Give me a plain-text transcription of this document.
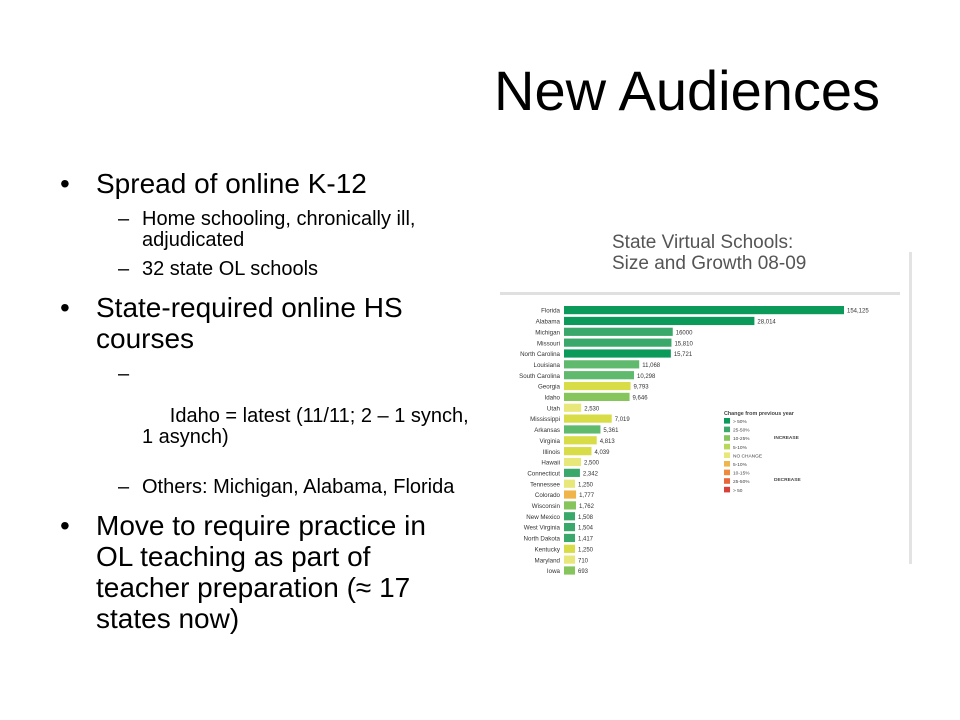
New Audiences
• Spread of online K-12
– Home schooling, chronically ill, adjudicated
– 32 state OL schools
• State-required online HS courses

–

Idaho = latest (11/11; 2 – 1 synch, 1 asynch)

– Others: Michigan, Alabama, Florida
• Move to require practice in OL teaching as part of teacher preparation (≈ 17 states now)
State Virtual Schools:
Size and Growth 08-09
Florida	154,125
Alabama	28,014
Michigan	16000
Missouri	15,810
North Carolina	15,721
Louisiana	11,068
South Carolina	10,298
Georgia	9,793
Idaho	9,646
Utah	2,530
Mississippi	7,019
Arkansas	5,361
Virginia	4,813
Illinois	4,039
Hawaii	2,500
Connecticut	2,342
Tennessee	1,250
Colorado	1,777
Wisconsin	1,762
New Mexico	1,508
West Virginia	1,504
North Dakota	1,417
Kentucky	1,250
Maryland	710
Iowa	693
Change from previous year
> 50%
25-50%
10-25%
5-10%
NO CHANGE
5-10%
10-15%
25-50%
> 50
INCREASE
DECREASE
